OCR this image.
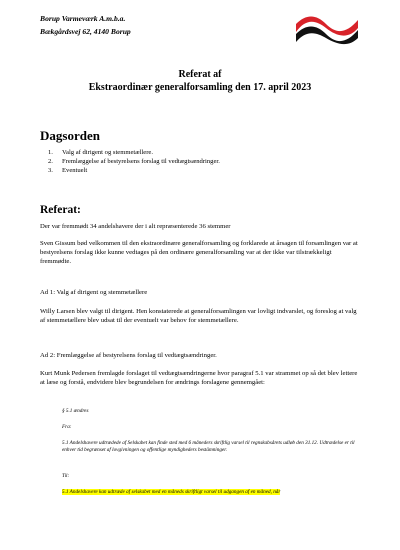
Borup Varmeværk A.m.b.a.
Bækgårdsvej 62, 4140 Borup
Referat af
Ekstraordinær generalforsamling den 17. april 2023
Dagsorden
1. Valg af dirigent og stemmetællere.
2. Fremlæggelse af bestyrelsens forslag til vedtægtsændringer.
3. Eventuelt
Referat:
Der var fremmødt 34 andelshavere der i alt repræsenterede 36 stemmer
Sven Gissum bød velkommen til den ekstraordinære generalforsamling og forklarede at årsagen til forsamlingen var at bestyrelsens forslag ikke kunne vedtages på den ordinære generalforsamling var at der ikke var tilstrækkeligt fremmødte.
Ad 1: Valg af dirigent og stemmetællere
Willy Larsen blev valgt til dirigent. Hen konstaterede at generalforsamlingen var lovligt indvarslet, og foreslog at valg af stemmetællere blev udsat til der eventuelt var behov for stemmetællere.
Ad 2: Fremlæggelse af bestyrelsens forslag til vedtægtsændringer.
Kurt Munk Pedersen fremlagde forslaget til vedtægtsændringerne hvor paragraf 5.1 var strammet op så det blev lettere at læse og forstå, endvidere blev begrundelsen for ændrings forslagene gennemgået:
§ 5.1 ændres
Fra:
5.1 Andelshavere udtrædede af Selskabet kan finde sted med 6 måneders skriftlig varsel til regnskabsårets udløb den 31.12. Udtrædelse er til enhver tid begrænset af lovgivningen og offentlige myndigheders bestämninger.
Til:
5.1 Andelshavere kan udtræde af selskabet med en måneds skriftligt varsel til udgangen af en måned, når
